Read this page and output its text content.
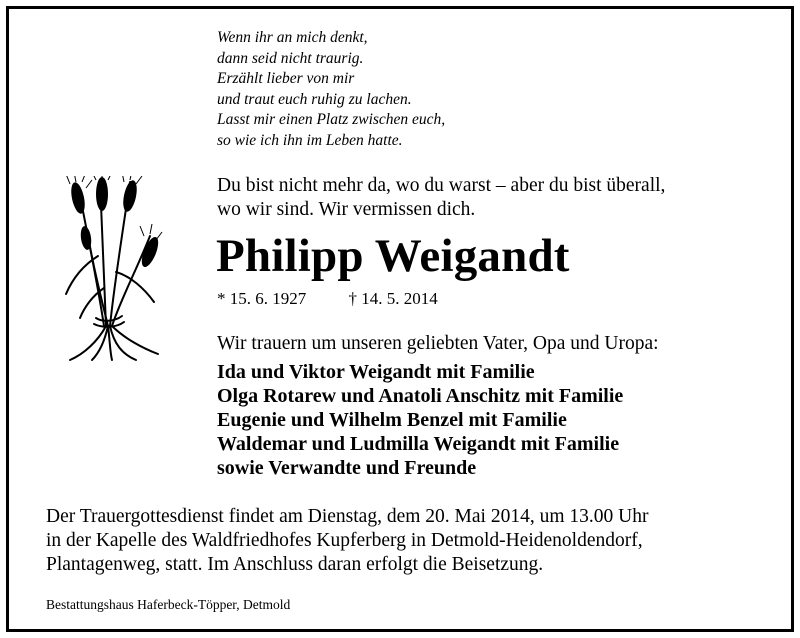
Wenn ihr an mich denkt,
dann seid nicht traurig.
Erzählt lieber von mir
und traut euch ruhig zu lachen.
Lasst mir einen Platz zwischen euch,
so wie ich ihn im Leben hatte.
Du bist nicht mehr da, wo du warst – aber du bist überall,
wo wir sind. Wir vermissen dich.
Philipp Weigandt
* 15. 6. 1927 † 14. 5. 2014
Wir trauern um unseren geliebten Vater, Opa und Uropa:
Ida und Viktor Weigandt mit Familie
Olga Rotarew und Anatoli Anschitz mit Familie
Eugenie und Wilhelm Benzel mit Familie
Waldemar und Ludmilla Weigandt mit Familie
sowie Verwandte und Freunde
Der Trauergottesdienst findet am Dienstag, dem 20. Mai 2014, um 13.00 Uhr
in der Kapelle des Waldfriedhofes Kupferberg in Detmold-Heidenoldendorf,
Plantagenweg, statt. Im Anschluss daran erfolgt die Beisetzung.
Bestattungshaus Haferbeck-Töpper, Detmold
